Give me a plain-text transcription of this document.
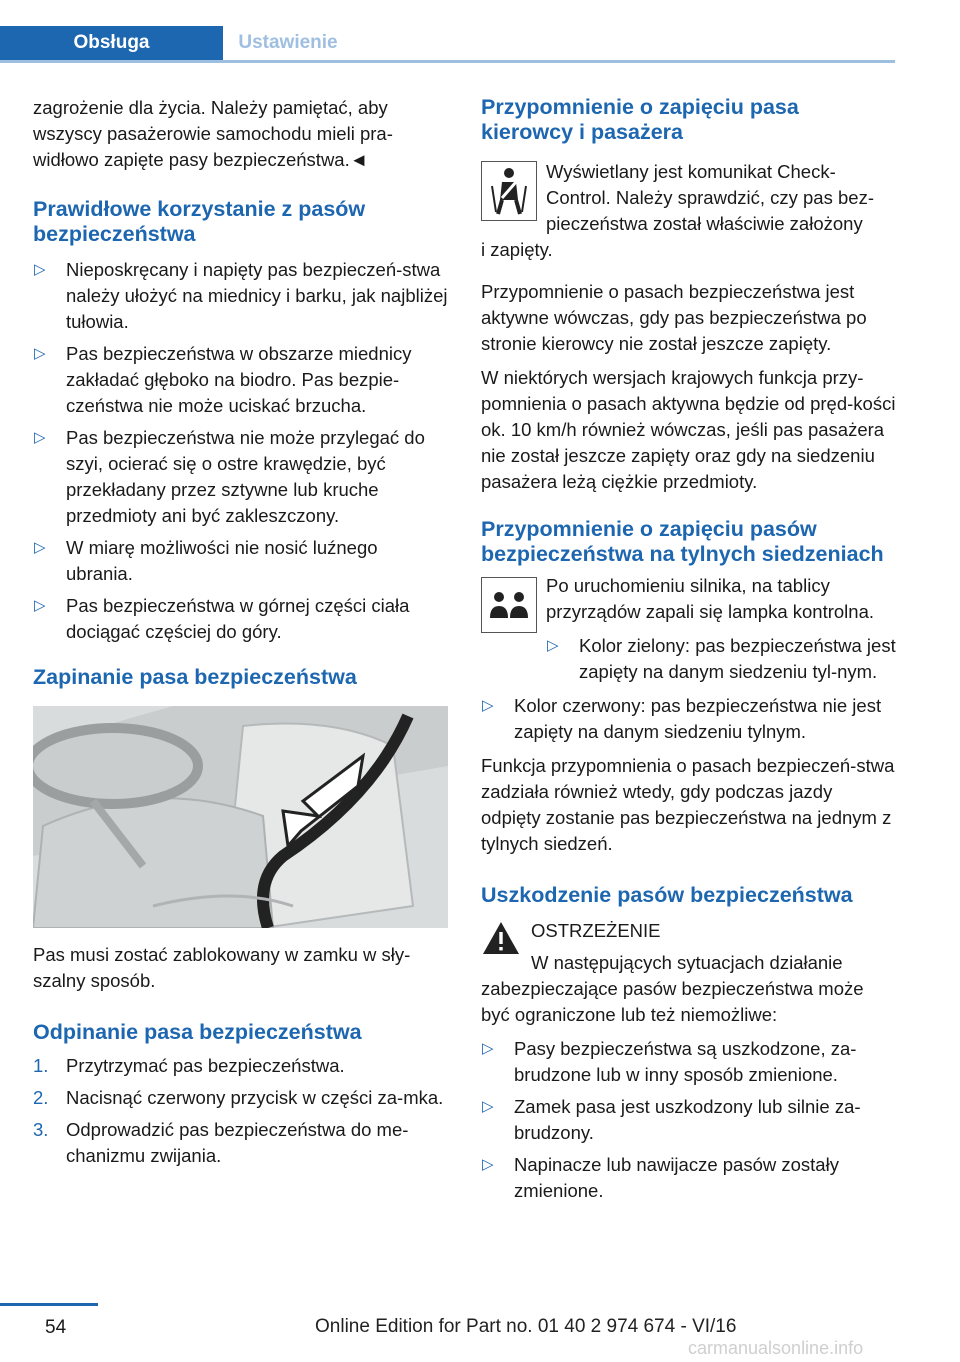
Obsługa	Ustawienie

zagrożenie dla życia. Należy pamiętać, aby wszyscy pasażerowie samochodu mieli pra-widłowo zapięte pasy bezpieczeństwa.◄

Prawidłowe korzystanie z pasów bezpieczeństwa
▷ Nieposkręcany i napięty pas bezpieczeń-stwa należy ułożyć na miednicy i barku, jak najbliżej tułowia.
▷ Pas bezpieczeństwa w obszarze miednicy zakładać głęboko na biodro. Pas bezpie-czeństwa nie może uciskać brzucha.
▷ Pas bezpieczeństwa nie może przylegać do szyi, ocierać się o ostre krawędzie, być przekładany przez sztywne lub kruche przedmioty ani być zakleszczony.
▷ W miarę możliwości nie nosić luźnego ubrania.
▷ Pas bezpieczeństwa w górnej części ciała dociągać częściej do góry.
Zapinanie pasa bezpieczeństwa

Pas musi zostać zablokowany w zamku w sły-szalny sposób.

Odpinanie pasa bezpieczeństwa
1. Przytrzymać pas bezpieczeństwa.
2. Nacisnąć czerwony przycisk w części za-mka.
3. Odprowadzić pas bezpieczeństwa do me-chanizmu zwijania.
Przypomnienie o zapięciu pasa kierowcy i pasażera

Wyświetlany jest komunikat Check-Control. Należy sprawdzić, czy pas bez-pieczeństwa został właściwie założony

i zapięty.

Przypomnienie o pasach bezpieczeństwa jest aktywne wówczas, gdy pas bezpieczeństwa po stronie kierowcy nie został jeszcze zapięty.

W niektórych wersjach krajowych funkcja przy-pomnienia o pasach aktywna będzie od pręd-kości ok. 10 km/h również wówczas, jeśli pas pasażera nie został jeszcze zapięty oraz gdy na siedzeniu pasażera leżą ciężkie przedmioty.

Przypomnienie o zapięciu pasów bezpieczeństwa na tylnych siedzeniach

Po uruchomieniu silnika, na tablicy przyrządów zapali się lampka kontrolna.

▷ Kolor zielony: pas bezpieczeństwa jest zapięty na danym siedzeniu tyl-nym.
▷ Kolor czerwony: pas bezpieczeństwa nie jest zapięty na danym siedzeniu tylnym.

Funkcja przypomnienia o pasach bezpieczeń-stwa zadziała również wtedy, gdy podczas jazdy odpięty zostanie pas bezpieczeństwa na jednym z tylnych siedzeń.

Uszkodzenie pasów bezpieczeństwa

OSTRZEŻENIE

W następujących sytuacjach działanie

zabezpieczające pasów bezpieczeństwa może być ograniczone lub też niemożliwe:

▷ Pasy bezpieczeństwa są uszkodzone, za-brudzone lub w inny sposób zmienione.
▷ Zamek pasa jest uszkodzony lub silnie za-brudzony.
▷ Napinacze lub nawijacze pasów zostały zmienione.
54	Online Edition for Part no. 01 40 2 974 674 - VI/16
carmanualsonline.info
